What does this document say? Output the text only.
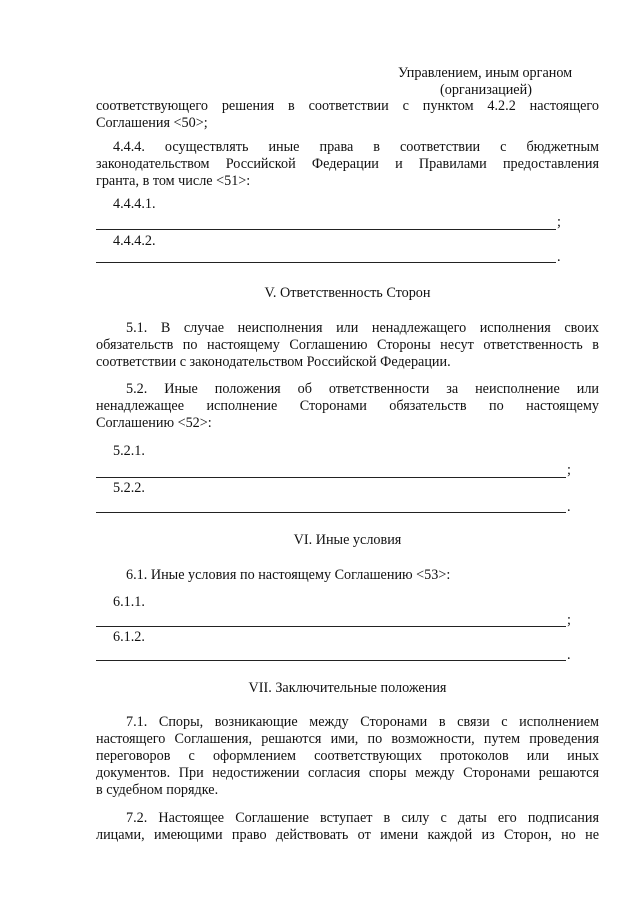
Управлением, иным органом

(организацией)

соответствующего решения в соответствии с пунктом 4.2.2 настоящего

Соглашения <50>;

4.4.4. осуществлять иные права в соответствии с бюджетным

законодательством Российской Федерации и Правилами предоставления

гранта, в том числе <51>:

4.4.4.1.

;

4.4.4.2.

.

V. Ответственность Сторон

5.1. В случае неисполнения или ненадлежащего исполнения своих

обязательств по настоящему Соглашению Стороны несут ответственность в

соответствии с законодательством Российской Федерации.

5.2. Иные положения об ответственности за неисполнение или

ненадлежащее исполнение Сторонами обязательств по настоящему

Соглашению <52>:

5.2.1.

;

5.2.2.

.

VI. Иные условия

6.1. Иные условия по настоящему Соглашению <53>:

6.1.1.

;

6.1.2.

.

VII. Заключительные положения

7.1. Споры, возникающие между Сторонами в связи с исполнением

настоящего Соглашения, решаются ими, по возможности, путем проведения

переговоров с оформлением соответствующих протоколов или иных

документов. При недостижении согласия споры между Сторонами решаются

в судебном порядке.

7.2. Настоящее Соглашение вступает в силу с даты его подписания

лицами, имеющими право действовать от имени каждой из Сторон, но не
